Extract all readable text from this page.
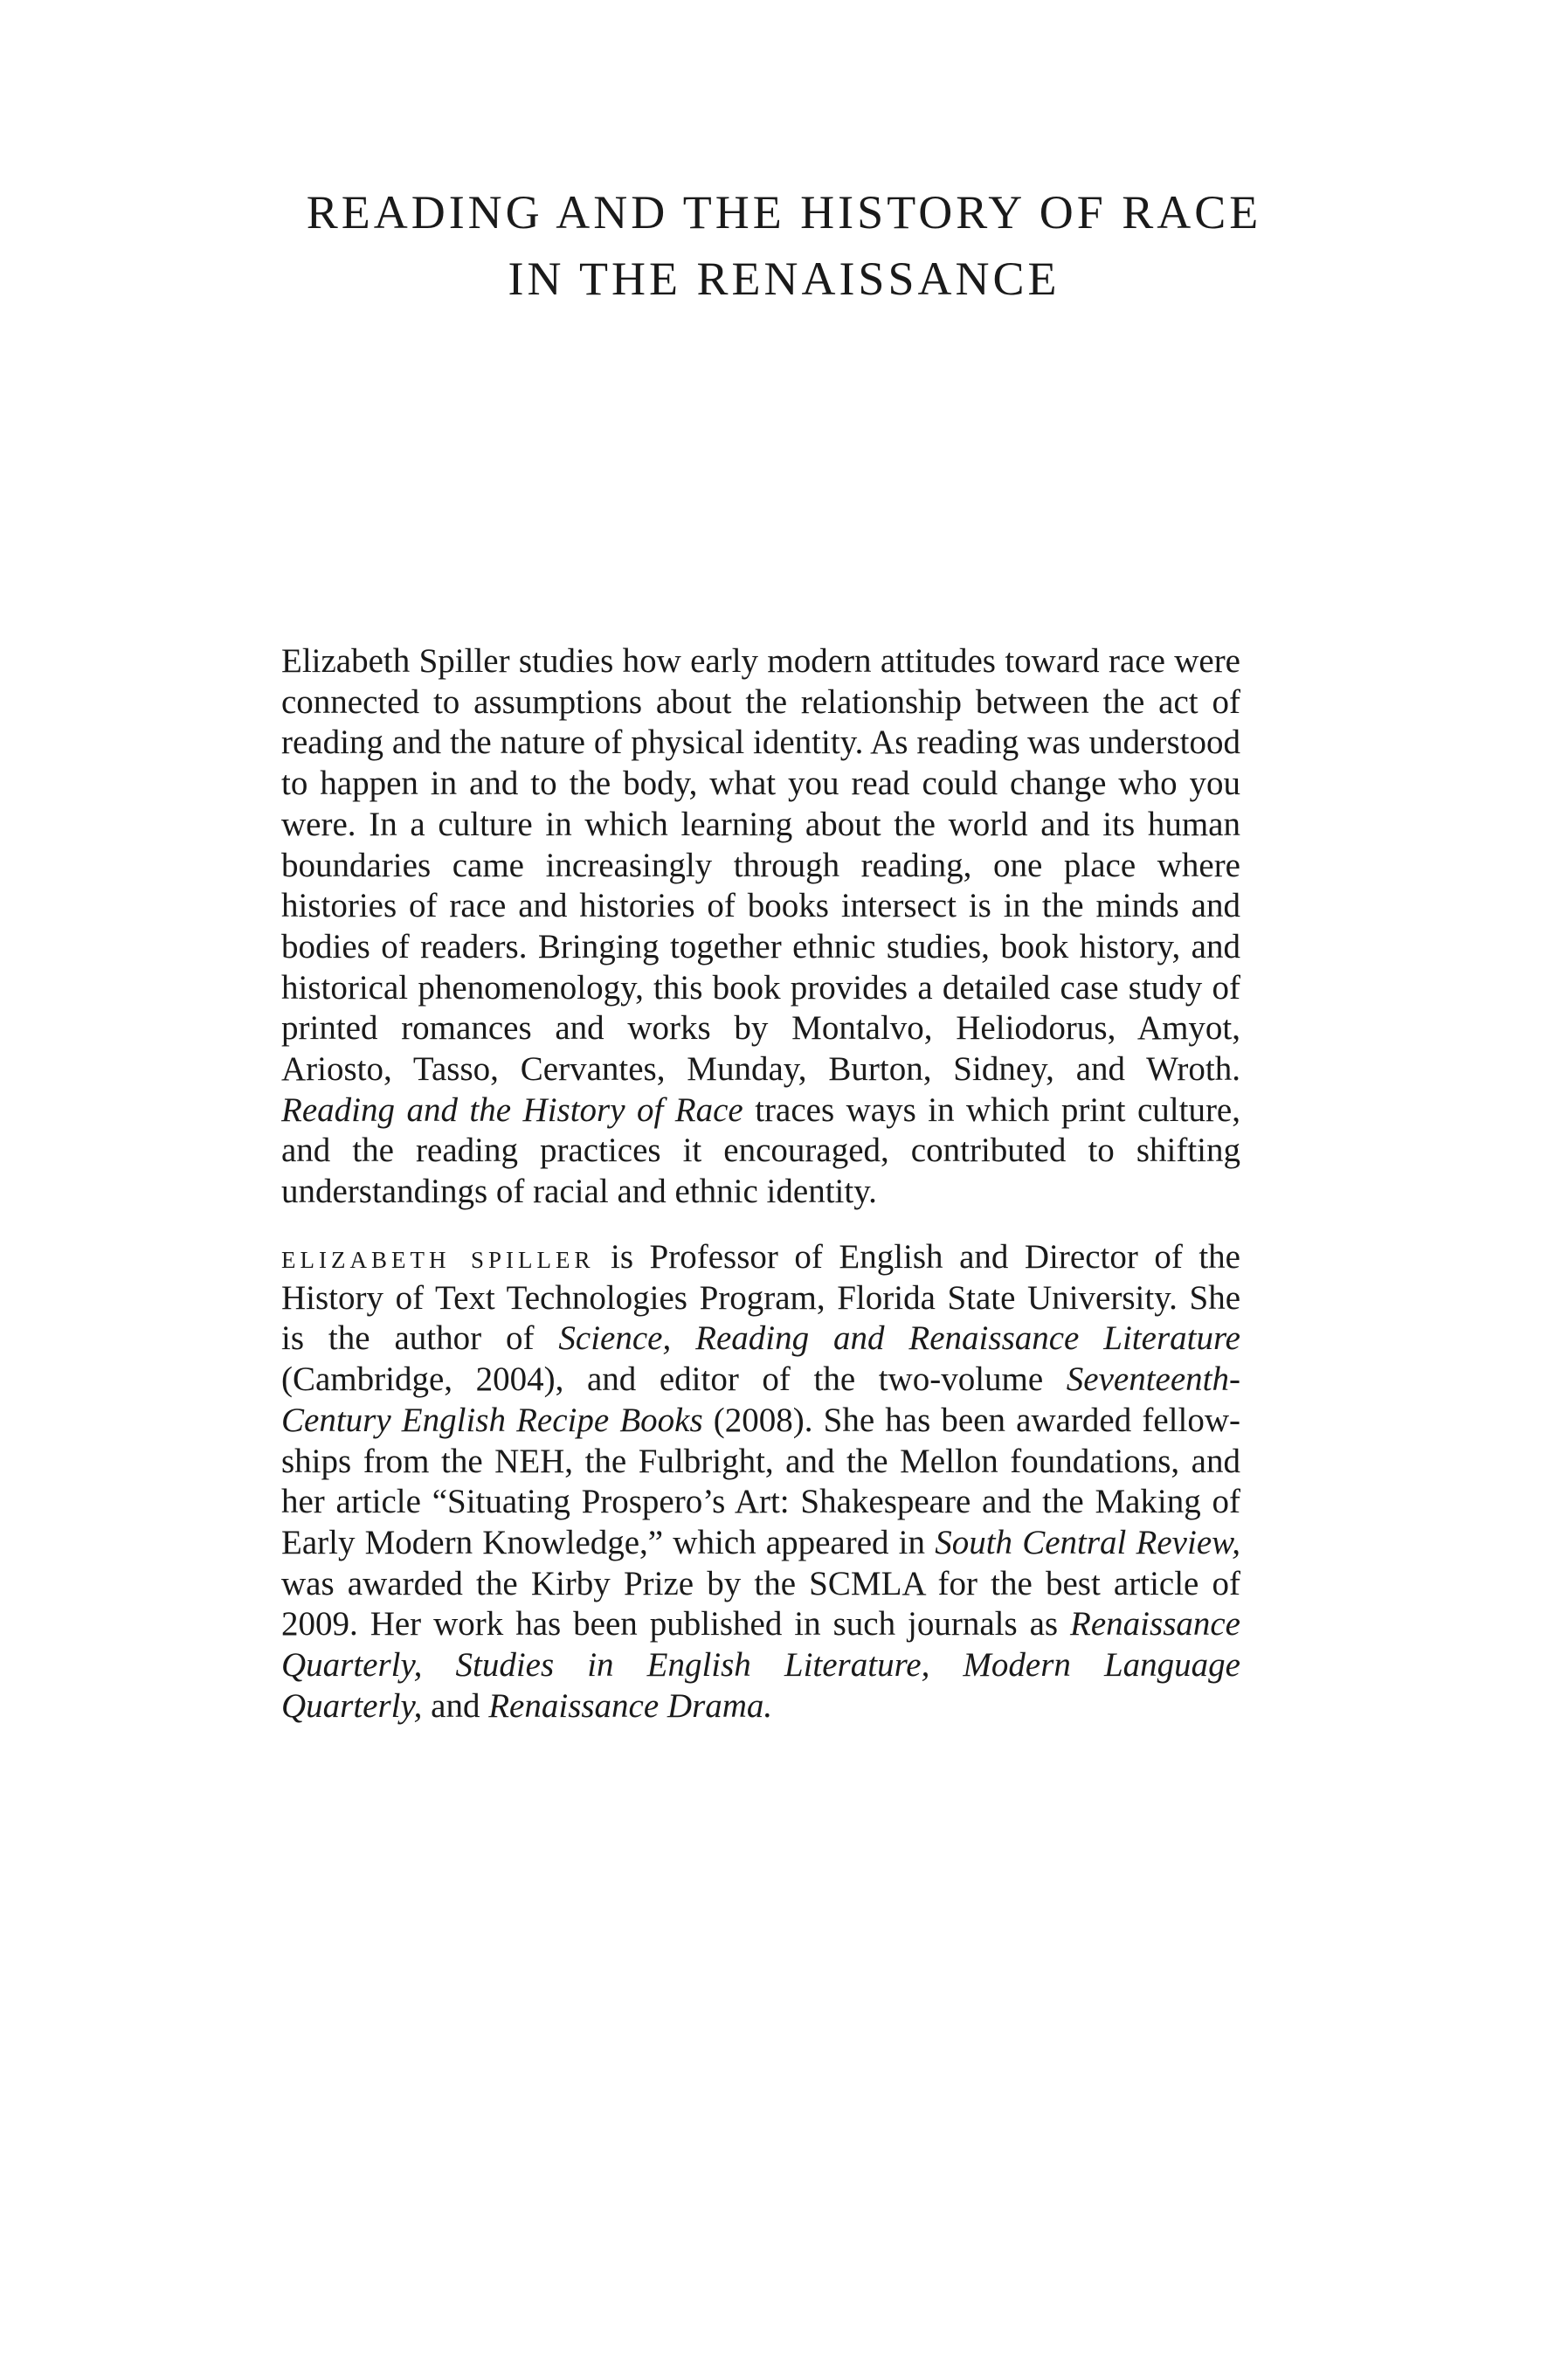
READING AND THE HISTORY OF RACE
IN THE RENAISSANCE

Elizabeth Spiller studies how early modern attitudes toward race were connected to assumptions about the relationship between the act of reading and the nature of physical identity. As reading was understood to happen in and to the body, what you read could change who you were. In a culture in which learning about the world and its human boundaries came increasingly through reading, one place where histories of race and histories of books intersect is in the minds and bodies of readers. Bringing together ethnic studies, book history, and historical phenomenology, this book provides a detailed case study of printed romances and works by Montalvo, Heliodorus, Amyot, Ariosto, Tasso, Cervantes, Munday, Burton, Sidney, and Wroth. Reading and the History of Race traces ways in which print culture, and the reading practices it encouraged, contributed to shifting understandings of racial and ethnic identity.

elizabeth spiller is Professor of English and Director of the History of Text Technologies Program, Florida State University. She is the author of Science, Reading and Renaissance Literature (Cambridge, 2004), and editor of the two-volume Seventeenth-Century English Recipe Books (2008). She has been awarded fellowships from the NEH, the Fulbright, and the Mellon foundations, and her article “Situating Prospero’s Art: Shakespeare and the Making of Early Modern Knowledge,” which appeared in South Central Review, was awarded the Kirby Prize by the SCMLA for the best article of 2009. Her work has been published in such journals as Renaissance Quarterly, Studies in English Literature, Modern Language Quarterly, and Renaissance Drama.
